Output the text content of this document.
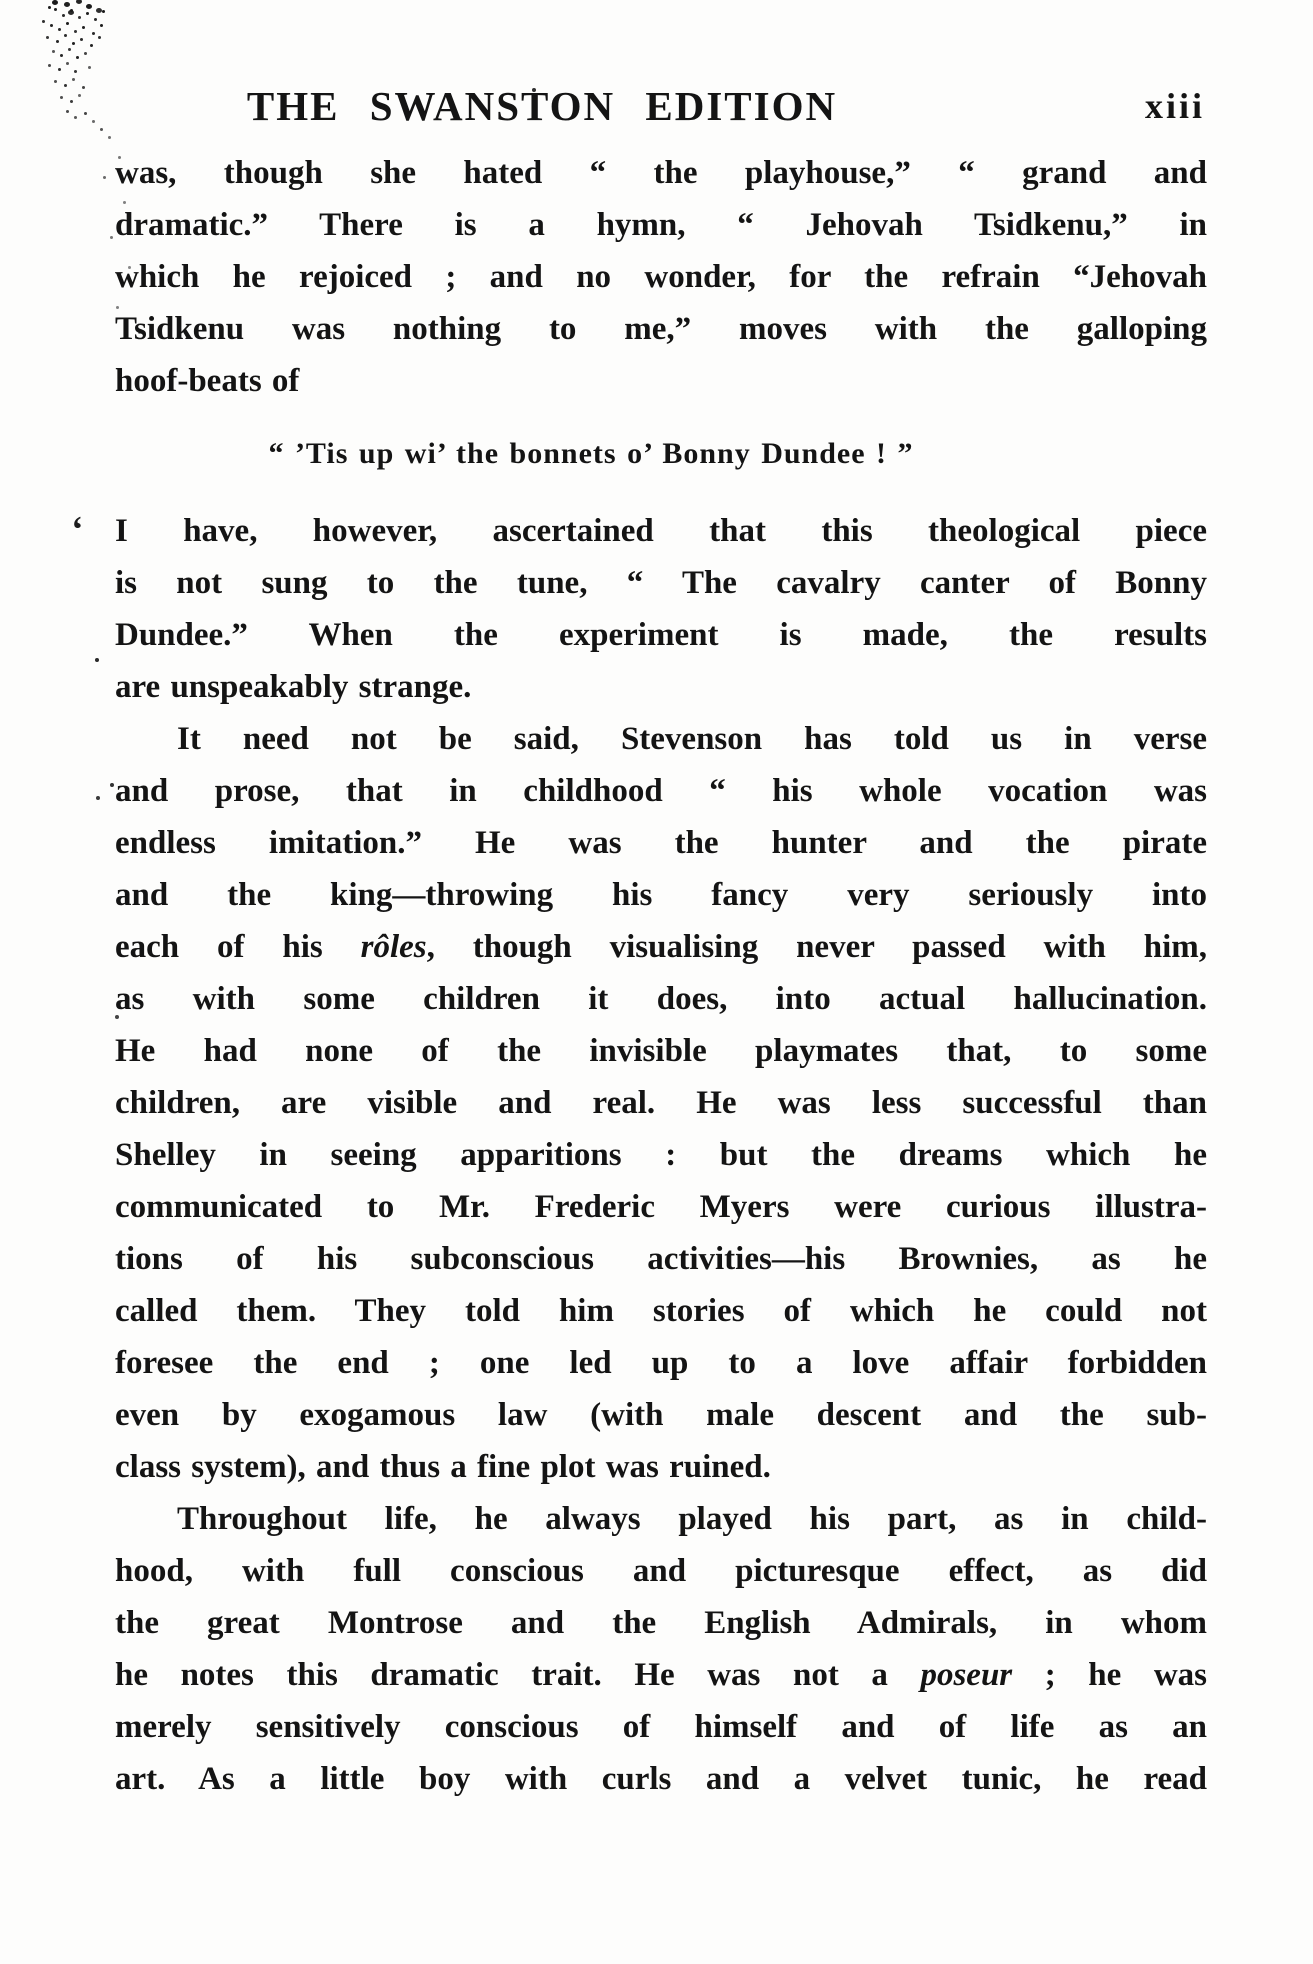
THE SWANSTON EDITION	xiii
‘
was, though she hated “ the playhouse,” “ grand and
dramatic.” There is a hymn, “ Jehovah Tsidkenu,” in
which he rejoiced ; and no wonder, for the refrain “Jehovah
Tsidkenu was nothing to me,” moves with the galloping
hoof-beats of
“ ’Tis up wi’ the bonnets o’ Bonny Dundee ! ”
I have, however, ascertained that this theological piece
is not sung to the tune, “ The cavalry canter of Bonny
Dundee.” When the experiment is made, the results
are unspeakably strange.
It need not be said, Stevenson has told us in verse
and prose, that in childhood “ his whole vocation was
endless imitation.” He was the hunter and the pirate
and the king—throwing his fancy very seriously into
each of his rôles, though visualising never passed with him,
as with some children it does, into actual hallucination.
He had none of the invisible playmates that, to some
children, are visible and real. He was less successful than
Shelley in seeing apparitions : but the dreams which he
communicated to Mr. Frederic Myers were curious illustra-
tions of his subconscious activities—his Brownies, as he
called them. They told him stories of which he could not
foresee the end ; one led up to a love affair forbidden
even by exogamous law (with male descent and the sub-
class system), and thus a fine plot was ruined.
Throughout life, he always played his part, as in child-
hood, with full conscious and picturesque effect, as did
the great Montrose and the English Admirals, in whom
he notes this dramatic trait. He was not a poseur ; he was
merely sensitively conscious of himself and of life as an
art. As a little boy with curls and a velvet tunic, he read
